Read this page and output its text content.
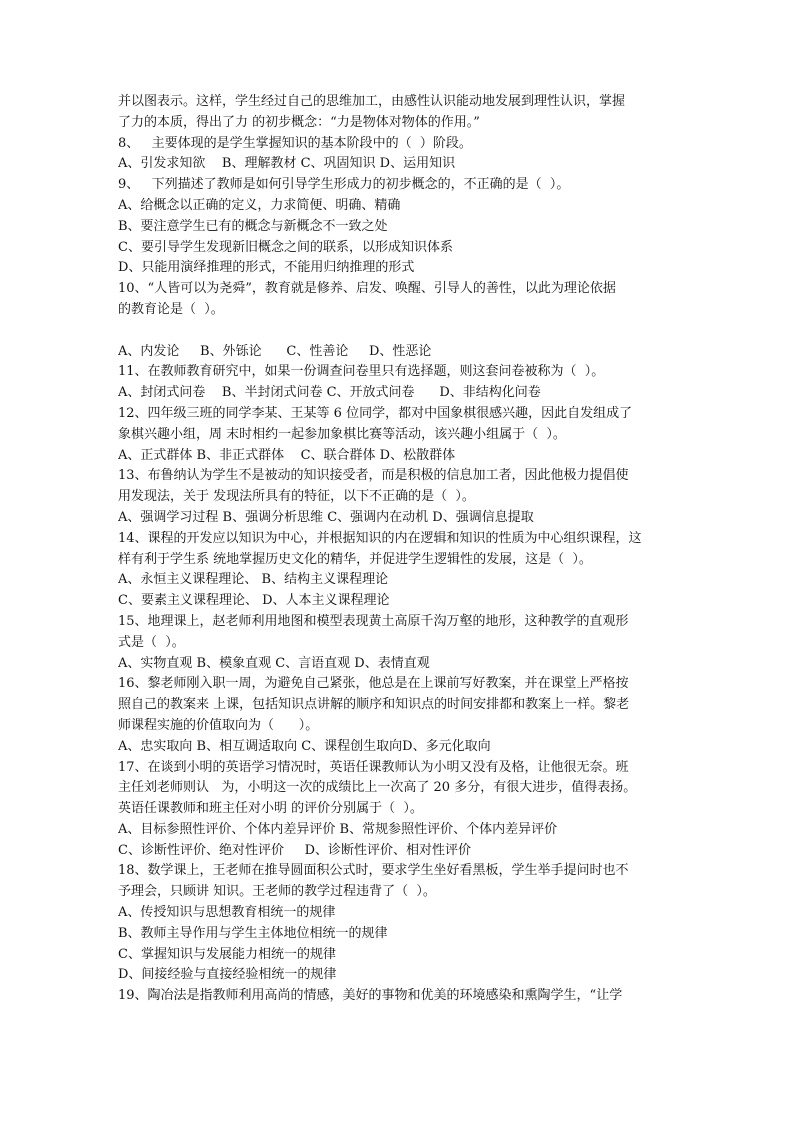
并以图表示。这样，学生经过自己的思维加工，由感性认识能动地发展到理性认识，掌握
了力的本质，得出了力 的初步概念：“力是物体对物体的作用。”
8、   主要体现的是学生掌握知识的基本阶段中的（  ）阶段。
A、引发求知欲    B、理解教材 C、巩固知识 D、运用知识
9、   下列描述了教师是如何引导学生形成力的初步概念的，不正确的是（  ）。
A、给概念以正确的定义，力求简便、明确、精确
B、要注意学生已有的概念与新概念不一致之处
C、要引导学生发现新旧概念之间的联系，以形成知识体系
D、只能用演绎推理的形式，不能用归纳推理的形式
10、“人皆可以为尧舜”，教育就是修养、启发、唤醒、引导人的善性，以此为理论依据
的教育论是（  ）。
A、内发论     B、外铄论      C、性善论     D、性恶论
11、在教师教育研究中，如果一份调查问卷里只有选择题，则这套问卷被称为（  ）。
A、封闭式问卷    B、半封闭式问卷 C、开放式问卷      D、非结构化问卷
12、四年级三班的同学李某、王某等 6 位同学，都对中国象棋很感兴趣，因此自发组成了
象棋兴趣小组，周 末时相约一起参加象棋比赛等活动，该兴趣小组属于（  ）。
A、正式群体 B、非正式群体    C、联合群体 D、松散群体
13、布鲁纳认为学生不是被动的知识接受者，而是积极的信息加工者，因此他极力提倡使
用发现法，关于 发现法所具有的特征，以下不正确的是（  ）。
A、强调学习过程 B、强调分析思维 C、强调内在动机 D、强调信息提取
14、课程的开发应以知识为中心，并根据知识的内在逻辑和知识的性质为中心组织课程，这
样有利于学生系 统地掌握历史文化的精华，并促进学生逻辑性的发展，这是（  ）。
A、永恒主义课程理论、 B、结构主义课程理论
C、要素主义课程理论、 D、人本主义课程理论
15、地理课上，赵老师利用地图和模型表现黄土高原千沟万壑的地形，这种教学的直观形
式是（  ）。
A、实物直观 B、模象直观 C、言语直观 D、表情直观
16、黎老师刚入职一周，为避免自己紧张，他总是在上课前写好教案，并在课堂上严格按
照自己的教案来 上课，包括知识点讲解的顺序和知识点的时间安排都和教案上一样。黎老
师课程实施的价值取向为（      ）。
A、忠实取向 B、相互调适取向 C、课程创生取向D、多元化取向
17、在谈到小明的英语学习情况时，英语任课教师认为小明又没有及格，让他很无奈。班
主任刘老师则认   为，小明这一次的成绩比上一次高了 20 多分，有很大进步，值得表扬。
英语任课教师和班主任对小明 的评价分别属于（  ）。
A、目标参照性评价、个体内差异评价 B、常规参照性评价、个体内差异评价
C、诊断性评价、绝对性评价     D、诊断性评价、相对性评价
18、数学课上，王老师在推导圆面积公式时，要求学生坐好看黑板，学生举手提问时也不
予理会，只顾讲 知识。王老师的教学过程违背了（  ）。
A、传授知识与思想教育相统一的规律
B、教师主导作用与学生主体地位相统一的规律
C、掌握知识与发展能力相统一的规律
D、间接经验与直接经验相统一的规律
19、陶冶法是指教师利用高尚的情感，美好的事物和优美的环境感染和熏陶学生，“让学
